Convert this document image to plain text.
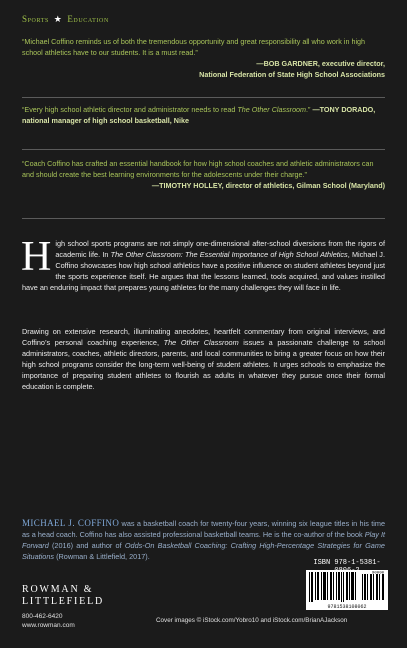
Sports ★ Education
“Michael Coffino reminds us of both the tremendous opportunity and great responsibility all who work in high school athletics have to our students. It is a must read.”
—BOB GARDNER, executive director,
National Federation of State High School Associations
“Every high school athletic director and administrator needs to read The Other Classroom.” —TONY DORADO, national manager of high school basketball, Nike
“Coach Coffino has crafted an essential handbook for how high school coaches and athletic administrators can and should create the best learning environments for the adolescents under their charge.”
—TIMOTHY HOLLEY, director of athletics, Gilman School (Maryland)
High school sports programs are not simply one-dimensional after-school diversions from the rigors of academic life. In The Other Classroom: The Essential Importance of High School Athletics, Michael J. Coffino showcases how high school athletics have a positive influence on student athletes beyond just the sports experience itself. He argues that the lessons learned, tools acquired, and values instilled have an enduring impact that prepares young athletes for the many challenges they will face in life.
Drawing on extensive research, illuminating anecdotes, heartfelt commentary from original interviews, and Coffino’s personal coaching experience, The Other Classroom issues a passionate challenge to school administrators, coaches, athletic directors, parents, and local communities to bring a greater focus on how their high school programs consider the long-term well-being of student athletes. It urges schools to emphasize the importance of preparing student athletes to flourish as adults in whatever they pursue once their formal education is complete.
MICHAEL J. COFFINO was a basketball coach for twenty-four years, winning six league titles in his time as a head coach. Coffino has also assisted professional basketball teams. He is the co-author of the book Play It Forward (2016) and author of Odds-On Basketball Coaching: Crafting High-Percentage Strategies for Game Situations (Rowman & Littlefield, 2017).
ROWMAN &
LITTLEFIELD
800-462-6420
www.rowman.com
Cover images © iStock.com/Yobro10 and iStock.com/BrianAJackson
ISBN 978-1-5381-
90000
9781538108062
